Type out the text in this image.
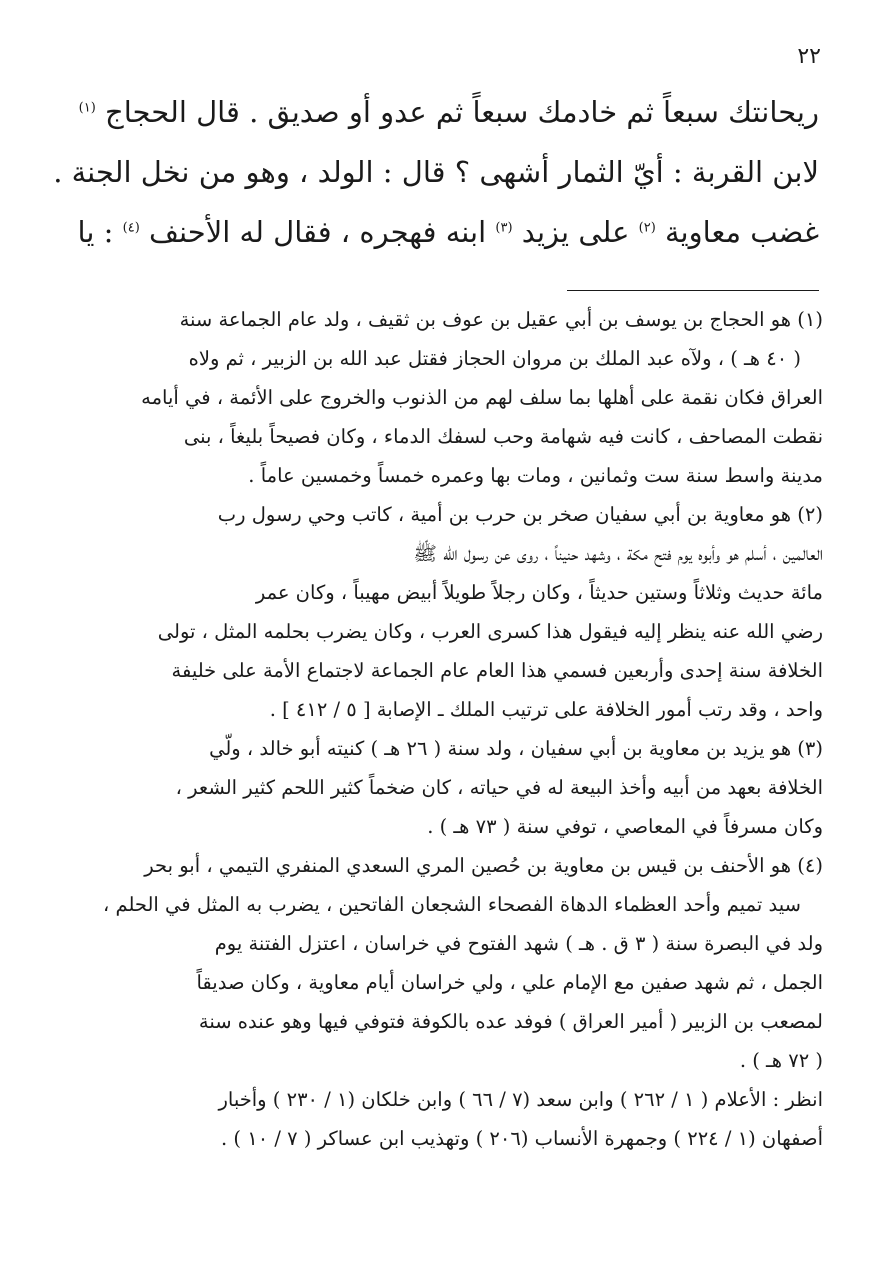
٢٢
ريحانتك سبعاً ثم خادمك سبعاً ثم عدو أو صديق . قال الحجاج $^{(١)}$
لابن القربة : أيّ الثمار أشهى ؟ قال : الولد ، وهو من نخل الجنة .
غضب معاوية $^{(٢)}$ على يزيد $^{(٣)}$ ابنه فهجره ، فقال له الأحنف $^{(٤)}$ : يا
(١) هو الحجاج بن يوسف بن أبي عقيل بن عوف بن ثقيف ، ولد عام الجماعة سنة
( ٤٠ هـ ) ، ولآه عبد الملك بن مروان الحجاز فقتل عبد الله بن الزبير ، ثم ولاه
العراق فكان نقمة على أهلها بما سلف لهم من الذنوب والخروج على الأئمة ، في أيامه
نقطت المصاحف ، كانت فيه شهامة وحب لسفك الدماء ، وكان فصيحاً بليغاً ، بنى
مدينة واسط سنة ست وثمانين ، ومات بها وعمره خمساً وخمسين عاماً .
(٢) هو معاوية بن أبي سفيان صخر بن حرب بن أمية ، كاتب وحي رسول رب
العالمين ، أسلم هو وأبوه يوم فتح مكة ، وشهد حنيناً ، روى عن رسول الله ﷺ
مائة حديث وثلاثاً وستين حديثاً ، وكان رجلاً طويلاً أبيض مهيباً ، وكان عمر
رضي الله عنه ينظر إليه فيقول هذا كسرى العرب ، وكان يضرب بحلمه المثل ، تولى
الخلافة سنة إحدى وأربعين فسمي هذا العام عام الجماعة لاجتماع الأمة على خليفة
واحد ، وقد رتب أمور الخلافة على ترتيب الملك ـ الإصابة [ ٥ / ٤١٢ ] .
(٣) هو يزيد بن معاوية بن أبي سفيان ، ولد سنة ( ٢٦ هـ ) كنيته أبو خالد ، ولّي
الخلافة بعهد من أبيه وأخذ البيعة له في حياته ، كان ضخماً كثير اللحم كثير الشعر ،
وكان مسرفاً في المعاصي ، توفي سنة ( ٧٣ هـ ) .
(٤) هو الأحنف بن قيس بن معاوية بن حُصين المري السعدي المنفري التيمي ، أبو بحر
سيد تميم وأحد العظماء الدهاة الفصحاء الشجعان الفاتحين ، يضرب به المثل في الحلم ،
ولد في البصرة سنة ( ٣ ق . هـ ) شهد الفتوح في خراسان ، اعتزل الفتنة يوم
الجمل ، ثم شهد صفين مع الإمام علي ، ولي خراسان أيام معاوية ، وكان صديقاً
لمصعب بن الزبير ( أمير العراق ) فوفد عده بالكوفة فتوفي فيها وهو عنده سنة
( ٧٢ هـ ) .
انظر : الأعلام ( ١ / ٢٦٢ ) وابن سعد (٧ / ٦٦ ) وابن خلكان (١ / ٢٣٠ ) وأخبار
أصفهان (١ / ٢٢٤ ) وجمهرة الأنساب (٢٠٦ ) وتهذيب ابن عساكر ( ٧ / ١٠ ) .
